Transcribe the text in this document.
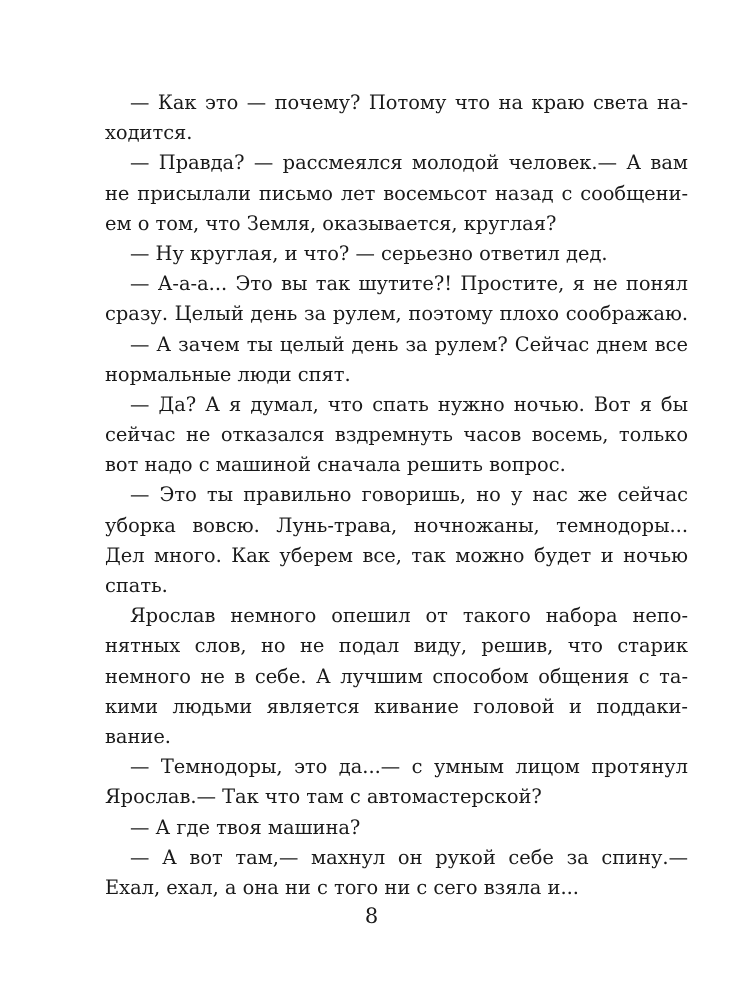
— Как это — почему? Потому что на краю света на-
ходится.
— Правда? — рассмеялся молодой человек.— А вам
не присылали письмо лет восемьсот назад с сообщени-
ем о том, что Земля, оказывается, круглая?
— Ну круглая, и что? — серьезно ответил дед.
— А-а-а... Это вы так шутите?! Простите, я не понял
сразу. Целый день за рулем, поэтому плохо соображаю.
— А зачем ты целый день за рулем? Сейчас днем все
нормальные люди спят.
— Да? А я думал, что спать нужно ночью. Вот я бы
сейчас не отказался вздремнуть часов восемь, только
вот надо с машиной сначала решить вопрос.
— Это ты правильно говоришь, но у нас же сейчас
уборка вовсю. Лунь-трава, ночножаны, темнодоры...
Дел много. Как уберем все, так можно будет и ночью
спать.
Ярослав немного опешил от такого набора непо-
нятных слов, но не подал виду, решив, что старик
немного не в себе. А лучшим способом общения с та-
кими людьми является кивание головой и поддаки-
вание.
— Темнодоры, это да...— с умным лицом протянул
Ярослав.— Так что там с автомастерской?
— А где твоя машина?
— А вот там,— махнул он рукой себе за спину.—
Ехал, ехал, а она ни с того ни с сего взяла и...
8
